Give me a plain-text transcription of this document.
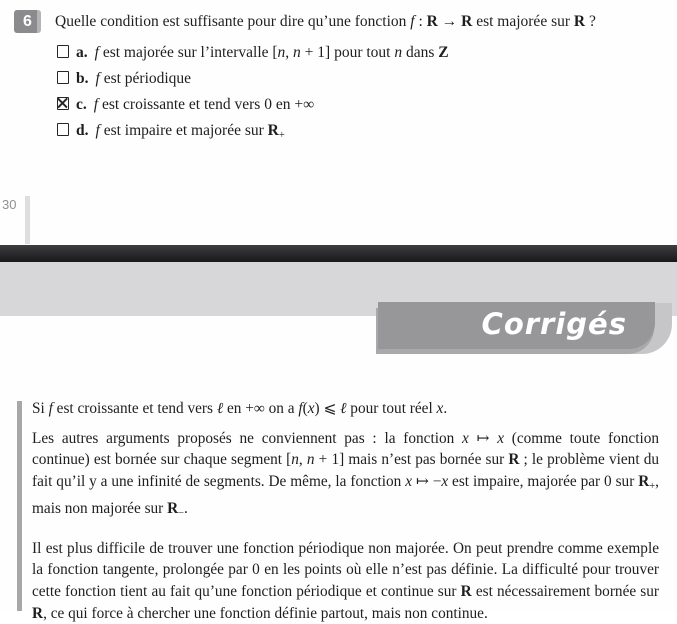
6	Quelle condition est suffisante pour dire qu’une fonction f : R → R est majorée sur R ?
a. f est majorée sur l’intervalle [n, n + 1] pour tout n dans Z
b. f est périodique
c. f est croissante et tend vers 0 en +∞
d. f est impaire et majorée sur R+
30
Corrigés

Si f est croissante et tend vers ℓ en +∞ on a f(x) ⩽ ℓ pour tout réel x.

Les autres arguments proposés ne conviennent pas : la fonction x ↦ x (comme toute fonction continue) est bornée sur chaque segment [n, n + 1] mais n’est pas bornée sur R ; le problème vient du fait qu’il y a une infinité de segments. De même, la fonction x ↦ −x est impaire, majorée par 0 sur R+, mais non majorée sur R−.

Il est plus difficile de trouver une fonction périodique non majorée. On peut prendre comme exemple la fonction tangente, prolongée par 0 en les points où elle n’est pas définie. La difficulté pour trouver cette fonction tient au fait qu’une fonction périodique et continue sur R est nécessairement bornée sur R, ce qui force à chercher une fonction définie partout, mais non continue.
